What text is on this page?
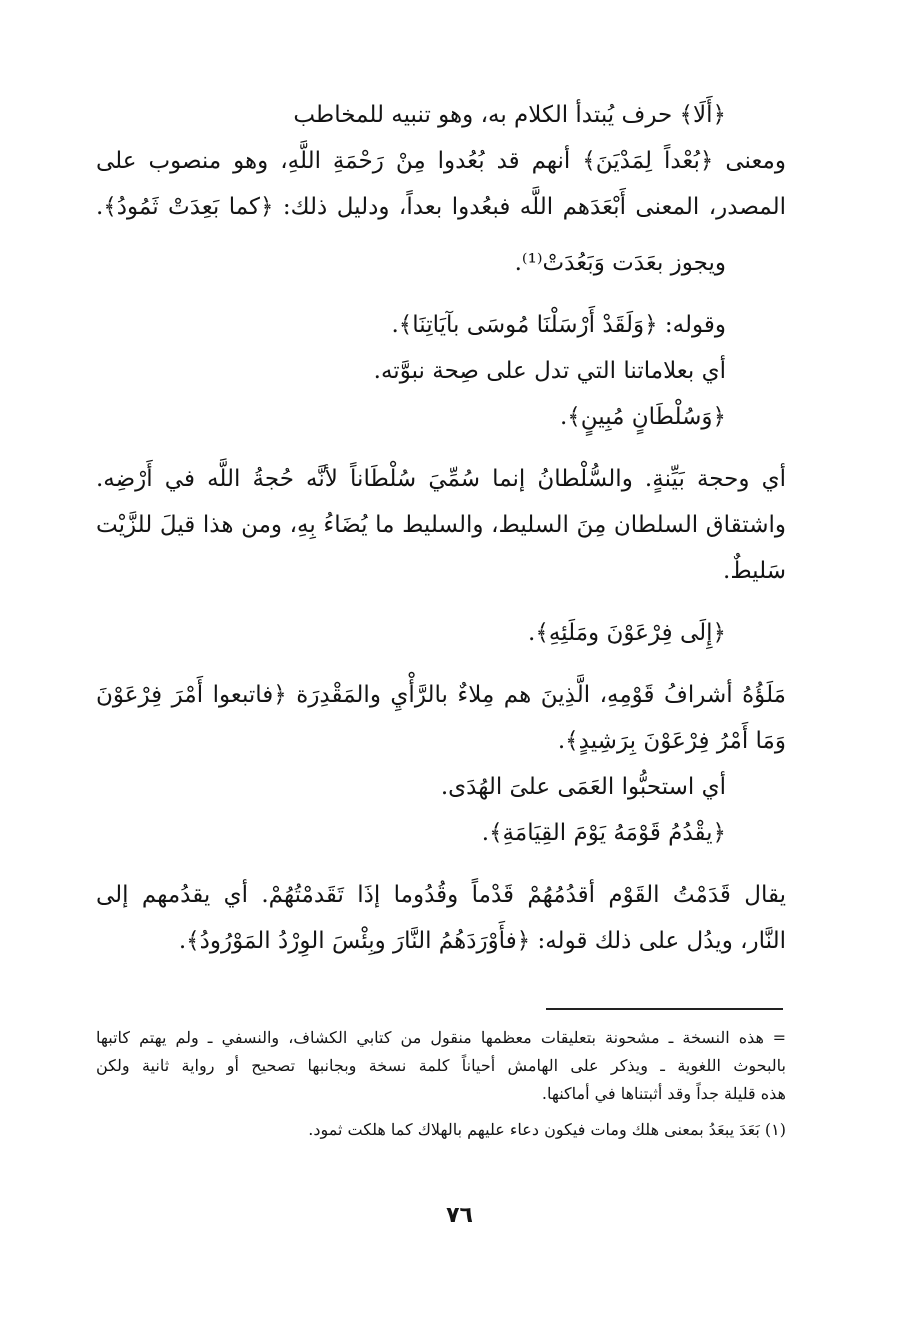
﴿أَلَا﴾ حرف يُبتدأ الكلام به، وهو تنبيه للمخاطب
ومعنى ﴿بُعْداً لِمَدْيَنَ﴾ أنهم قد بُعُدوا مِنْ رَحْمَةِ اللَّهِ، وهو منصوب على
المصدر، المعنى أَبْعَدَهم اللَّه فبعُدوا بعداً، ودليل ذلك: ﴿كما بَعِدَتْ ثَمُودُ﴾.
ويجوز بعَدَت وَبَعُدَتْ⁽¹⁾.
وقوله: ﴿وَلَقَدْ أَرْسَلْنَا مُوسَى بآيَاتِنَا﴾.
أي بعلاماتنا التي تدل على صِحة نبوَّته.
﴿وَسُلْطَانٍ مُبِينٍ﴾.
أي وحجة بَيِّنةٍ. والسُّلْطانُ إنما سُمِّيَ سُلْطَاناً لأنَّه حُجةُ اللَّه في أَرْضِه.
واشتقاق السلطان مِنَ السليط، والسليط ما يُضَاءُ بِهِ، ومن هذا قيلَ للزَّيْت
سَليطٌ.
﴿إِلَى فِرْعَوْنَ ومَلَئِهِ﴾.
مَلَؤُهُ أشرافُ قَوْمِهِ، الَّذِينَ هم مِلاءٌ بالرَّأْيِ والمَقْدِرَة ﴿فاتبعوا أَمْرَ فِرْعَوْنَ
وَمَا أَمْرُ فِرْعَوْنَ بِرَشِيدٍ﴾.
أي استحبُّوا العَمَى علىَ الهُدَى.
﴿يقْدُمُ قَوْمَهُ يَوْمَ القِيَامَةِ﴾.
يقال قَدَمْتُ القَوْم أقدُمُهُمْ قَدْماً وقُدُوما إذَا تَقَدمْتُهُمْ. أي يقدُمهم إلى
النَّار، ويدُل على ذلك قوله: ﴿فأَوْرَدَهُمُ النَّارَ وبِئْسَ الوِرْدُ المَوْرُودُ﴾.
=هذه النسخة ـ مشحونة بتعليقات معظمها منقول من كتابي الكشاف، والنسفي ـ ولم يهتم كاتبها
بالبحوث اللغوية ـ ويذكر على الهامش أحياناً كلمة نسخة وبجانبها تصحيح أو رواية ثانية ولكن
هذه قليلة جداً وقد أثبتناها في أماكنها.
(١) بَعَدَ يبعَدُ بمعنى هلك ومات فيكون دعاء عليهم بالهلاك كما هلكت ثمود.
٧٦
